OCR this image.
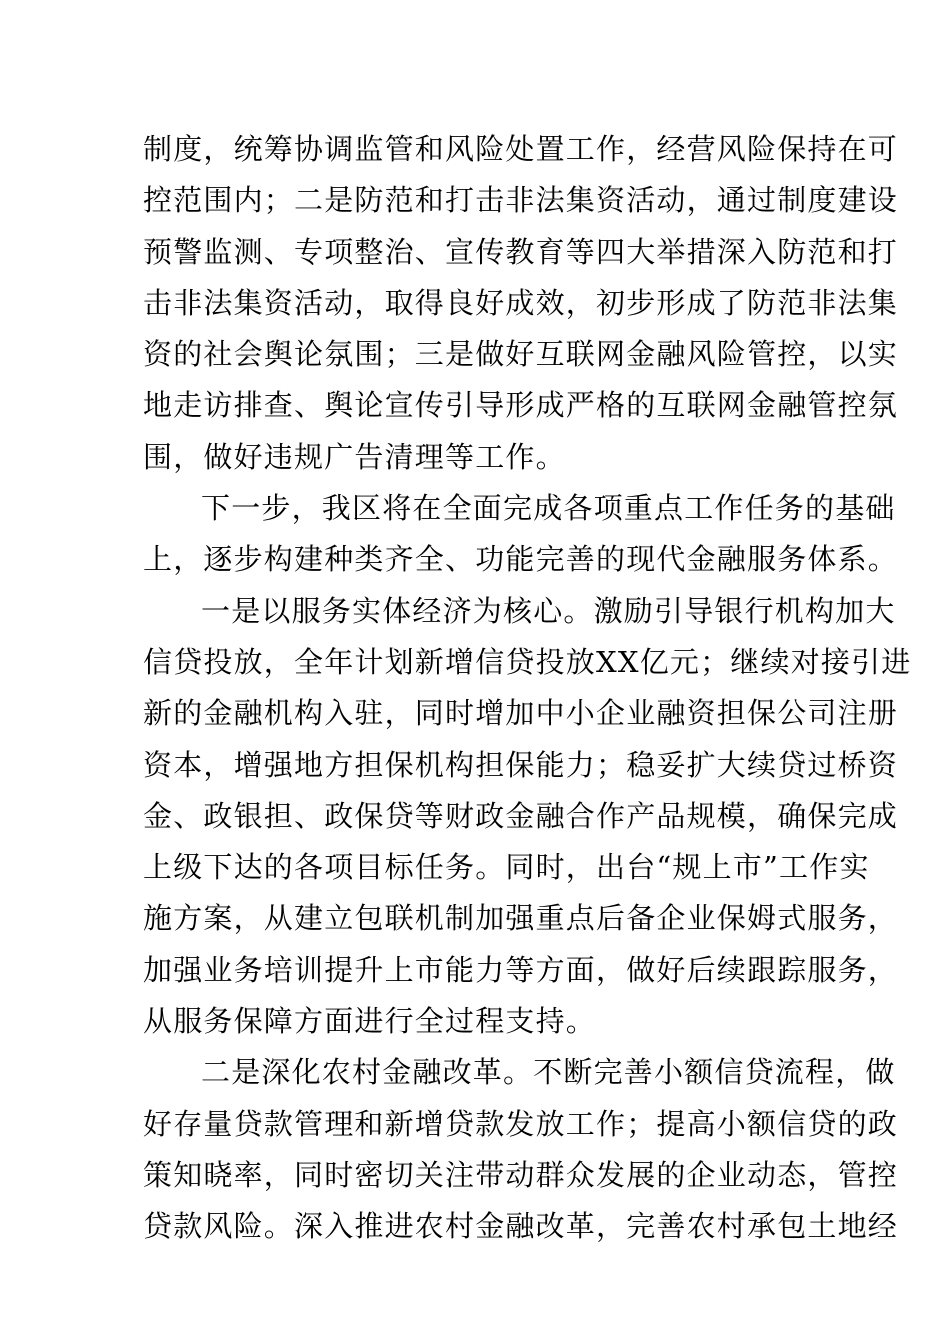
制度，统筹协调监管和风险处置工作，经营风险保持在可
控范围内；二是防范和打击非法集资活动，通过制度建设
预警监测、专项整治、宣传教育等四大举措深入防范和打
击非法集资活动，取得良好成效，初步形成了防范非法集
资的社会舆论氛围；三是做好互联网金融风险管控，以实
地走访排查、舆论宣传引导形成严格的互联网金融管控氛
围，做好违规广告清理等工作。
下一步，我区将在全面完成各项重点工作任务的基础
上，逐步构建种类齐全、功能完善的现代金融服务体系。
一是以服务实体经济为核心。激励引导银行机构加大
信贷投放，全年计划新增信贷投放XX亿元；继续对接引进
新的金融机构入驻，同时增加中小企业融资担保公司注册
资本，增强地方担保机构担保能力；稳妥扩大续贷过桥资
金、政银担、政保贷等财政金融合作产品规模，确保完成
上级下达的各项目标任务。同时，出台“规上市”工作实
施方案，从建立包联机制加强重点后备企业保姆式服务，
加强业务培训提升上市能力等方面，做好后续跟踪服务，
从服务保障方面进行全过程支持。
二是深化农村金融改革。不断完善小额信贷流程，做
好存量贷款管理和新增贷款发放工作；提高小额信贷的政
策知晓率，同时密切关注带动群众发展的企业动态，管控
贷款风险。深入推进农村金融改革，完善农村承包土地经
